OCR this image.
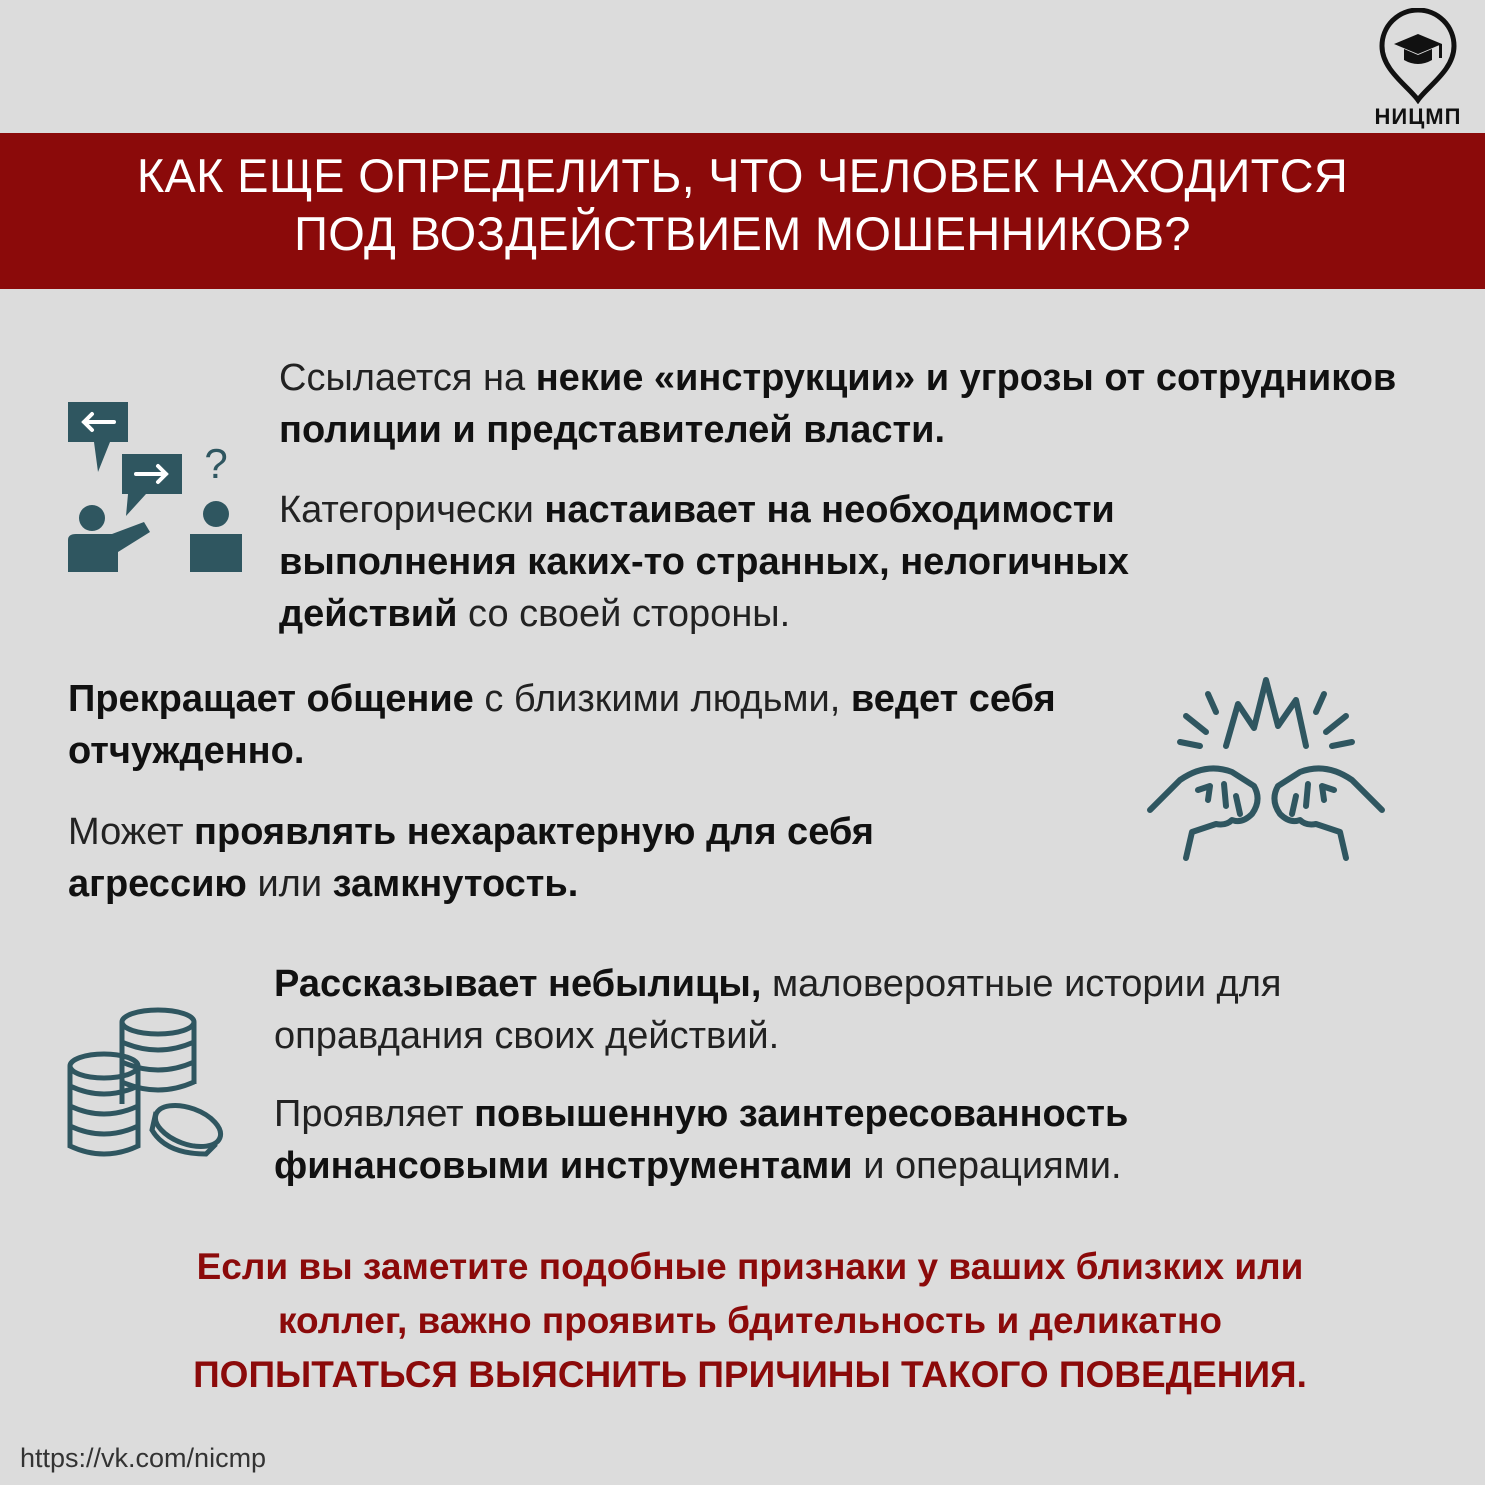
НИЦМП
КАК ЕЩЕ ОПРЕДЕЛИТЬ, ЧТО ЧЕЛОВЕК НАХОДИТСЯ
ПОД ВОЗДЕЙСТВИЕМ МОШЕННИКОВ?
?
Ссылается на некие «инструкции» и угрозы от сотрудников полиции и представителей власти.
Категорически настаивает на необходимости выполнения каких-то странных, нелогичных действий со своей стороны.
Прекращает общение с близкими людьми, ведет себя отчужденно.
Может проявлять нехарактерную для себя агрессию или замкнутость.
Рассказывает небылицы, маловероятные истории для оправдания своих действий.
Проявляет повышенную заинтересованность финансовыми инструментами и операциями.
Если вы заметите подобные признаки у ваших близких или
коллег, важно проявить бдительность и деликатно
ПОПЫТАТЬСЯ ВЫЯСНИТЬ ПРИЧИНЫ ТАКОГО ПОВЕДЕНИЯ.
https://vk.com/nicmp
